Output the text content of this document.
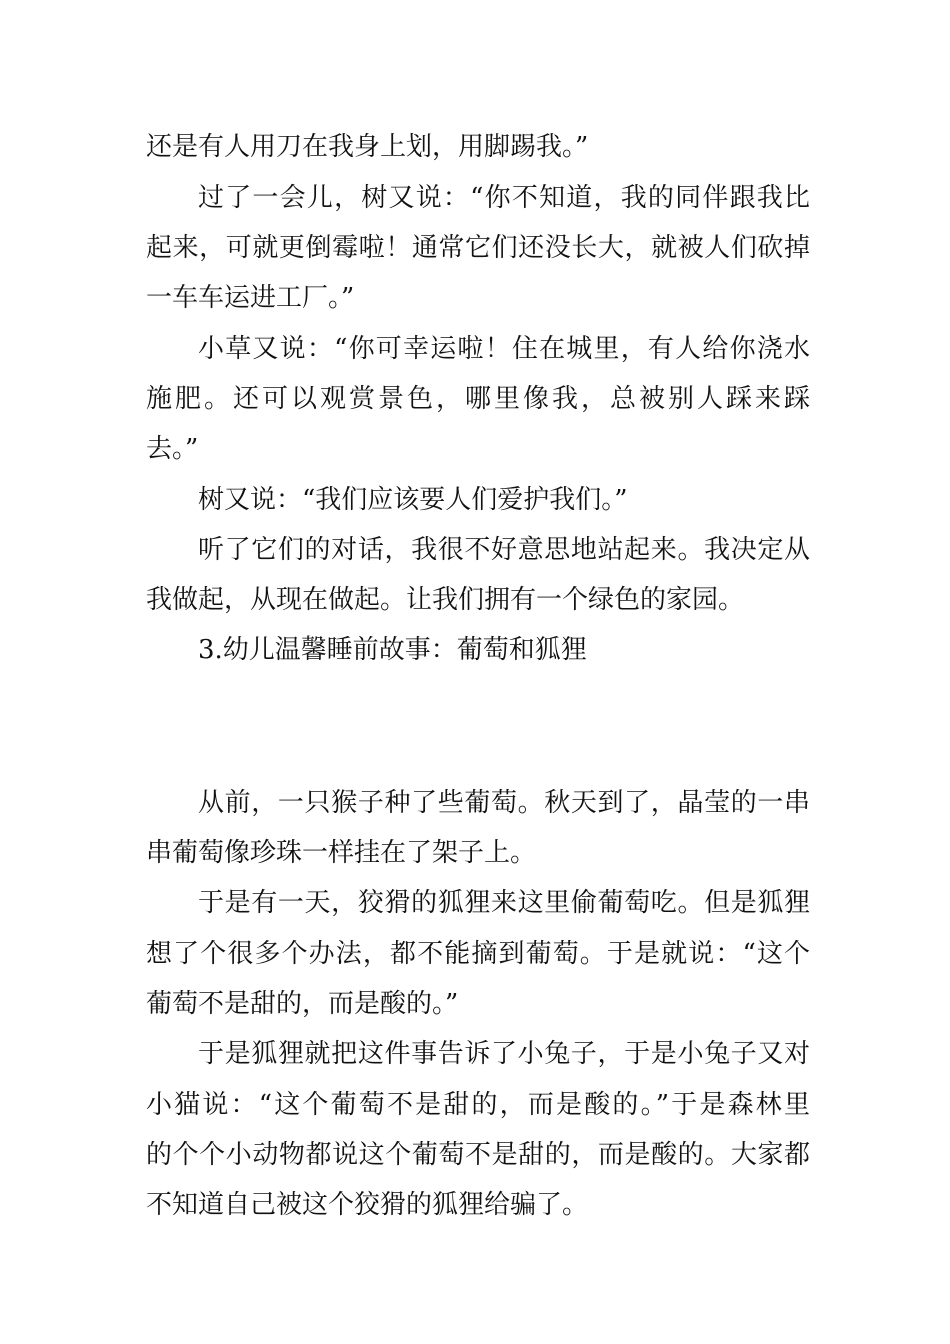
还是有人用刀在我身上划，用脚踢我。”
过了一会儿，树又说：“你不知道，我的同伴跟我比
起来，可就更倒霉啦！通常它们还没长大，就被人们砍掉
一车车运进工厂。”
小草又说：“你可幸运啦！住在城里，有人给你浇水
施肥。还可以观赏景色，哪里像我，总被别人踩来踩
去。”
树又说：“我们应该要人们爱护我们。”
听了它们的对话，我很不好意思地站起来。我决定从
我做起，从现在做起。让我们拥有一个绿色的家园。
3.幼儿温馨睡前故事：葡萄和狐狸
从前，一只猴子种了些葡萄。秋天到了，晶莹的一串
串葡萄像珍珠一样挂在了架子上。
于是有一天，狡猾的狐狸来这里偷葡萄吃。但是狐狸
想了个很多个办法，都不能摘到葡萄。于是就说：“这个
葡萄不是甜的，而是酸的。”
于是狐狸就把这件事告诉了小兔子，于是小兔子又对
小猫说：“这个葡萄不是甜的，而是酸的。”于是森林里
的个个小动物都说这个葡萄不是甜的，而是酸的。大家都
不知道自己被这个狡猾的狐狸给骗了。
